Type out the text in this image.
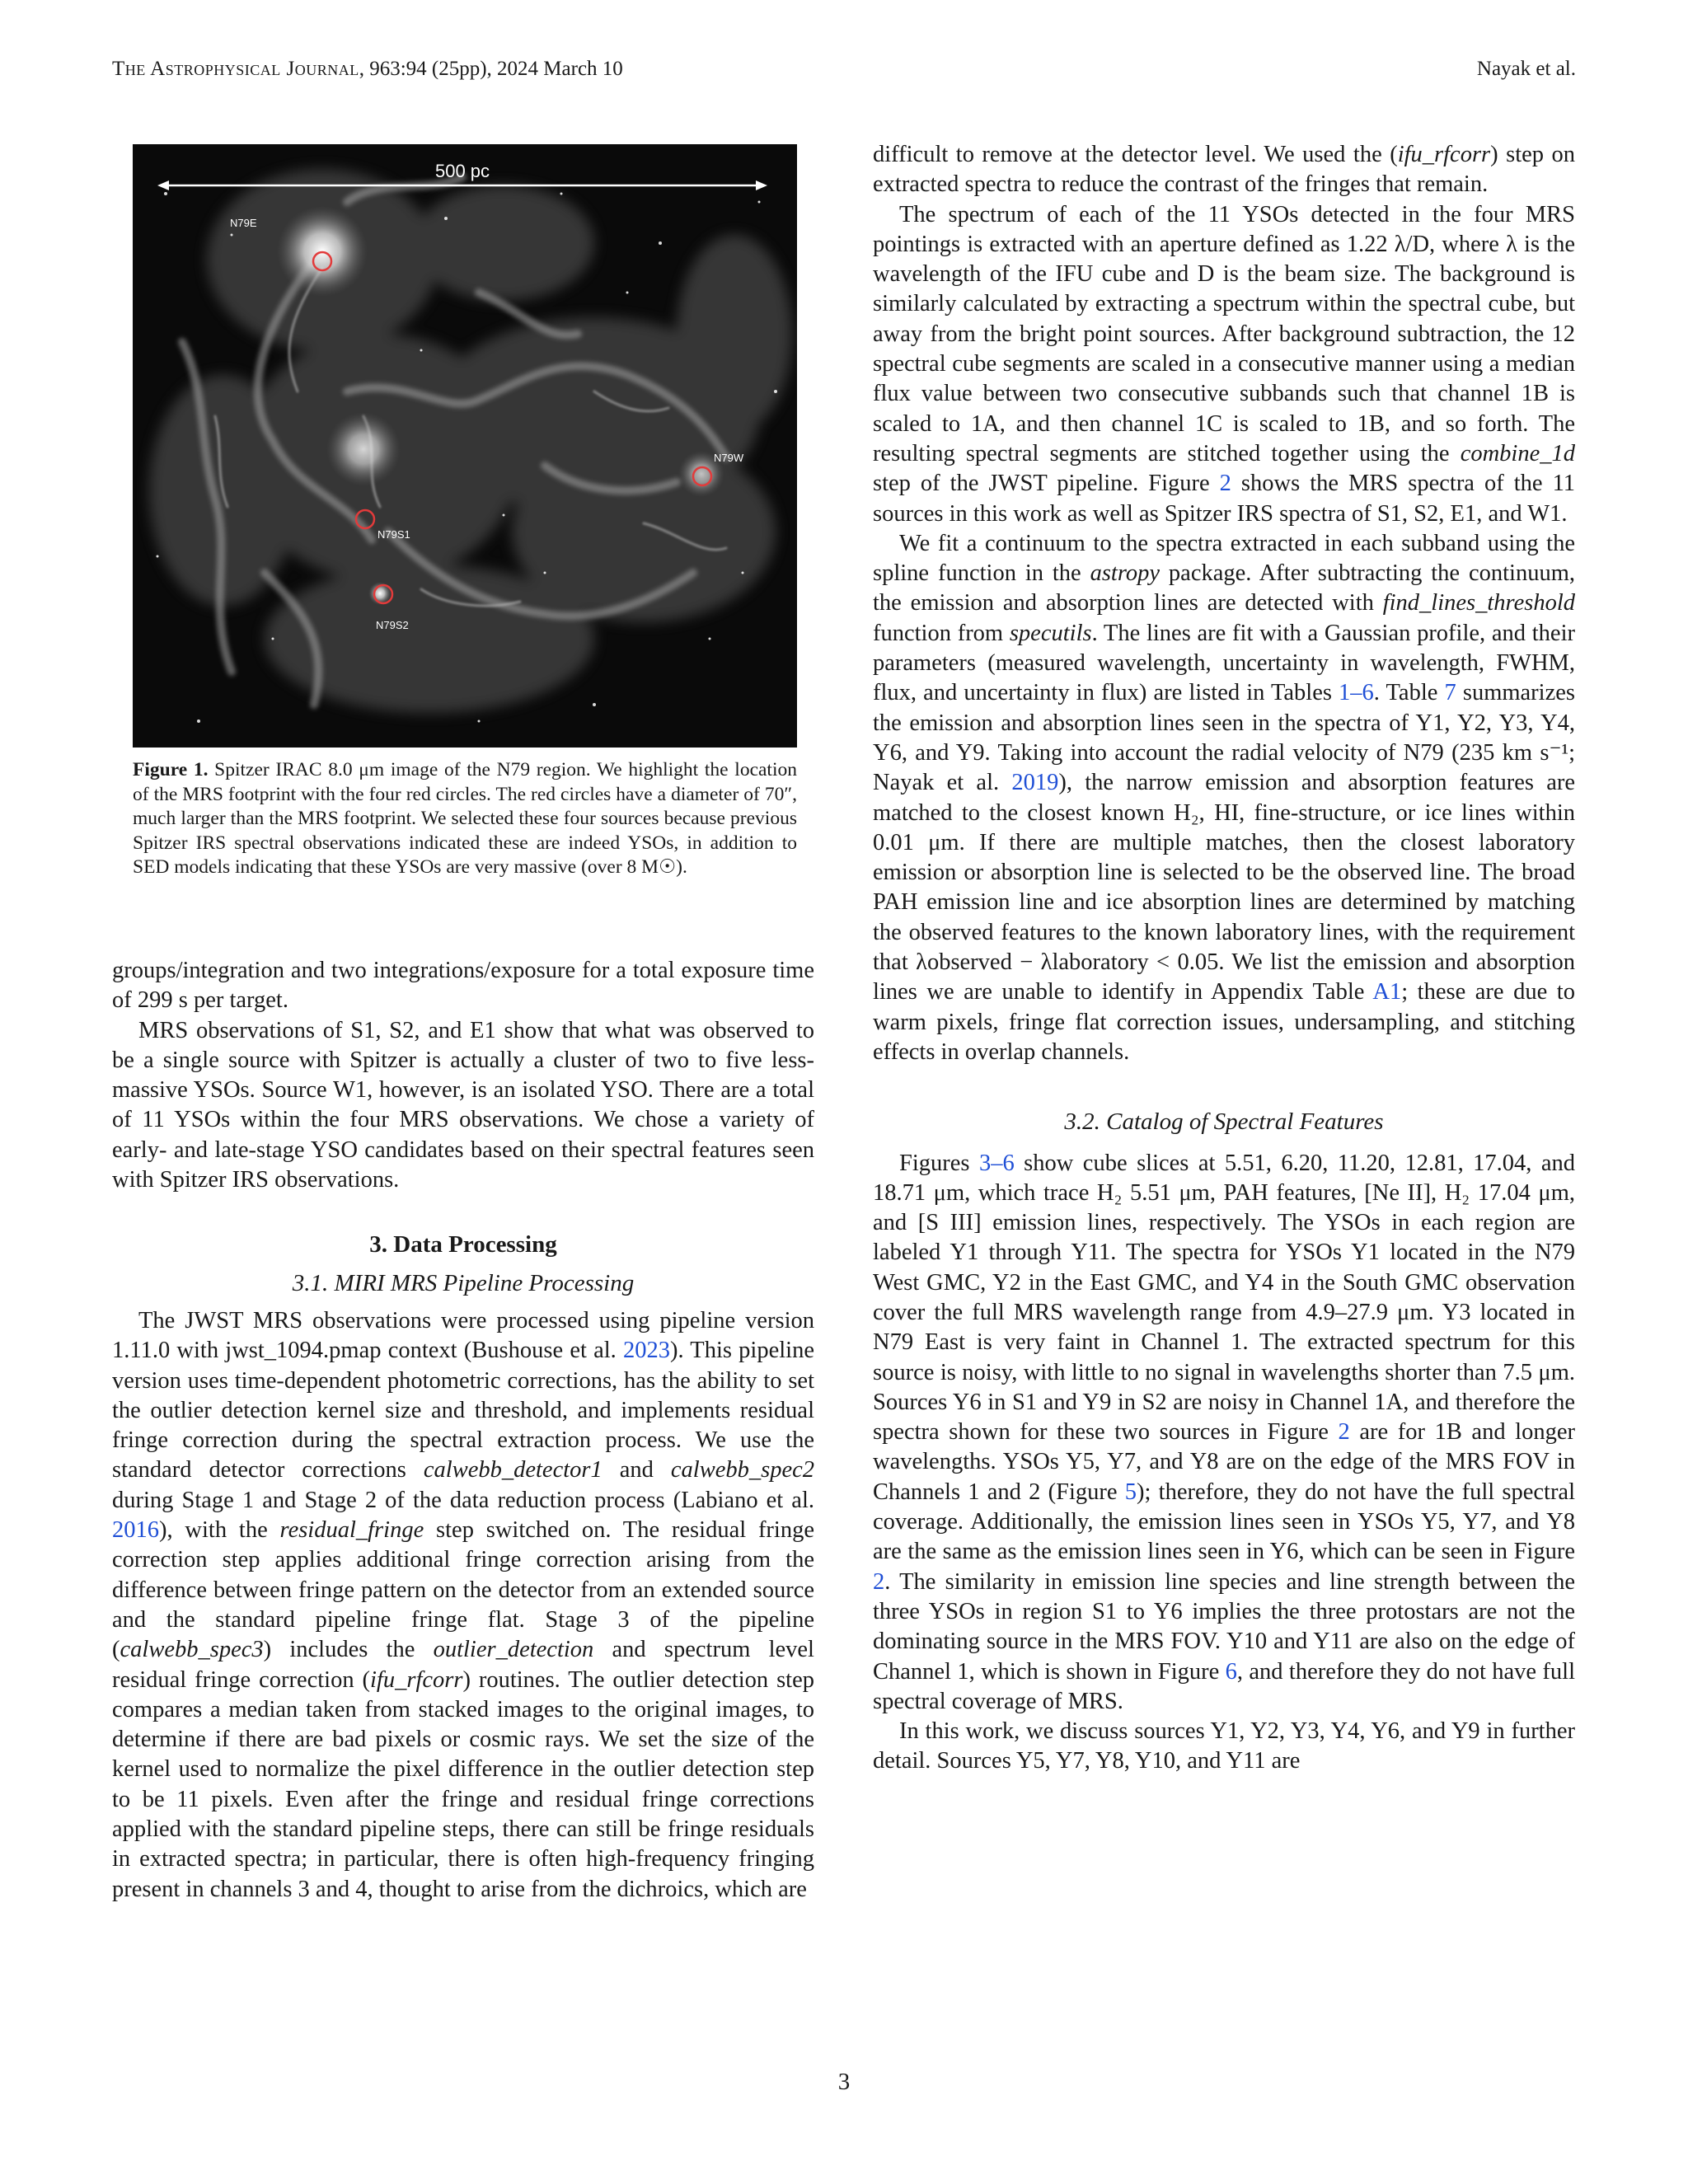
The Astrophysical Journal, 963:94 (25pp), 2024 March 10	Nayak et al.
500 pc
N79E
N79W
N79S1
N79S2
Figure 1. Spitzer IRAC 8.0 μm image of the N79 region. We highlight the location of the MRS footprint with the four red circles. The red circles have a diameter of 70″, much larger than the MRS footprint. We selected these four sources because previous Spitzer IRS spectral observations indicated these are indeed YSOs, in addition to SED models indicating that these YSOs are very massive (over 8 M☉).

groups/integration and two integrations/exposure for a total exposure time of 299 s per target.

MRS observations of S1, S2, and E1 show that what was observed to be a single source with Spitzer is actually a cluster of two to five less-massive YSOs. Source W1, however, is an isolated YSO. There are a total of 11 YSOs within the four MRS observations. We chose a variety of early- and late-stage YSO candidates based on their spectral features seen with Spitzer IRS observations.

3. Data Processing
3.1. MIRI MRS Pipeline Processing

The JWST MRS observations were processed using pipeline version 1.11.0 with jwst_1094.pmap context (Bushouse et al. 2023). This pipeline version uses time-dependent photometric corrections, has the ability to set the outlier detection kernel size and threshold, and implements residual fringe correction during the spectral extraction process. We use the standard detector corrections calwebb_detector1 and calwebb_spec2 during Stage 1 and Stage 2 of the data reduction process (Labiano et al. 2016), with the residual_fringe step switched on. The residual fringe correction step applies additional fringe correction arising from the difference between fringe pattern on the detector from an extended source and the standard pipeline fringe flat. Stage 3 of the pipeline (calwebb_spec3) includes the outlier_detection and spectrum level residual fringe correction (ifu_rfcorr) routines. The outlier detection step compares a median taken from stacked images to the original images, to determine if there are bad pixels or cosmic rays. We set the size of the kernel used to normalize the pixel difference in the outlier detection step to be 11 pixels. Even after the fringe and residual fringe corrections applied with the standard pipeline steps, there can still be fringe residuals in extracted spectra; in particular, there is often high-frequency fringing present in channels 3 and 4, thought to arise from the dichroics, which are

difficult to remove at the detector level. We used the (ifu_rfcorr) step on extracted spectra to reduce the contrast of the fringes that remain.

The spectrum of each of the 11 YSOs detected in the four MRS pointings is extracted with an aperture defined as 1.22 λ/D, where λ is the wavelength of the IFU cube and D is the beam size. The background is similarly calculated by extracting a spectrum within the spectral cube, but away from the bright point sources. After background subtraction, the 12 spectral cube segments are scaled in a consecutive manner using a median flux value between two consecutive subbands such that channel 1B is scaled to 1A, and then channel 1C is scaled to 1B, and so forth. The resulting spectral segments are stitched together using the combine_1d step of the JWST pipeline. Figure 2 shows the MRS spectra of the 11 sources in this work as well as Spitzer IRS spectra of S1, S2, E1, and W1.

We fit a continuum to the spectra extracted in each subband using the spline function in the astropy package. After subtracting the continuum, the emission and absorption lines are detected with find_lines_threshold function from specutils. The lines are fit with a Gaussian profile, and their parameters (measured wavelength, uncertainty in wavelength, FWHM, flux, and uncertainty in flux) are listed in Tables 1–6. Table 7 summarizes the emission and absorption lines seen in the spectra of Y1, Y2, Y3, Y4, Y6, and Y9. Taking into account the radial velocity of N79 (235 km s⁻¹; Nayak et al. 2019), the narrow emission and absorption features are matched to the closest known H₂, HI, fine-structure, or ice lines within 0.01 μm. If there are multiple matches, then the closest laboratory emission or absorption line is selected to be the observed line. The broad PAH emission line and ice absorption lines are determined by matching the observed features to the known laboratory lines, with the requirement that λobserved − λlaboratory < 0.05. We list the emission and absorption lines we are unable to identify in Appendix Table A1; these are due to warm pixels, fringe flat correction issues, undersampling, and stitching effects in overlap channels.

3.2. Catalog of Spectral Features

Figures 3–6 show cube slices at 5.51, 6.20, 11.20, 12.81, 17.04, and 18.71 μm, which trace H₂ 5.51 μm, PAH features, [Ne II], H₂ 17.04 μm, and [S III] emission lines, respectively. The YSOs in each region are labeled Y1 through Y11. The spectra for YSOs Y1 located in the N79 West GMC, Y2 in the East GMC, and Y4 in the South GMC observation cover the full MRS wavelength range from 4.9–27.9 μm. Y3 located in N79 East is very faint in Channel 1. The extracted spectrum for this source is noisy, with little to no signal in wavelengths shorter than 7.5 μm. Sources Y6 in S1 and Y9 in S2 are noisy in Channel 1A, and therefore the spectra shown for these two sources in Figure 2 are for 1B and longer wavelengths. YSOs Y5, Y7, and Y8 are on the edge of the MRS FOV in Channels 1 and 2 (Figure 5); therefore, they do not have the full spectral coverage. Additionally, the emission lines seen in YSOs Y5, Y7, and Y8 are the same as the emission lines seen in Y6, which can be seen in Figure 2. The similarity in emission line species and line strength between the three YSOs in region S1 to Y6 implies the three protostars are not the dominating source in the MRS FOV. Y10 and Y11 are also on the edge of Channel 1, which is shown in Figure 6, and therefore they do not have full spectral coverage of MRS.

In this work, we discuss sources Y1, Y2, Y3, Y4, Y6, and Y9 in further detail. Sources Y5, Y7, Y8, Y10, and Y11 are

3
